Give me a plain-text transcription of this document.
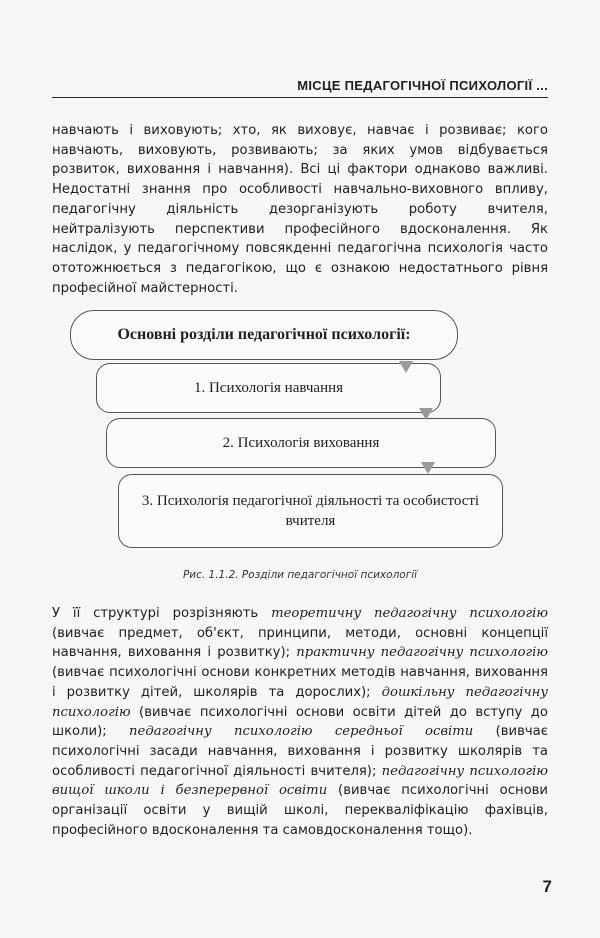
МІСЦЕ ПЕДАГОГІЧНОЇ ПСИХОЛОГІЇ ...

навчають і виховують; хто, як виховує, навчає і розвиває; кого навчають, виховують, розвивають; за яких умов відбувається розвиток, виховання і навчання). Всі ці фактори однаково важливі. Недостатні знання про особливості навчально-виховного впливу, педагогічну діяльність дезорганізують роботу вчителя, нейтралізують перспективи професійного вдосконалення. Як наслідок, у педагогічному повсякденні педагогічна психологія часто ототожнюється з педагогікою, що є ознакою недостатнього рівня професійної майстерності.

Основні розділи педагогічної психології:
1. Психологія навчання
2. Психологія виховання
3. Психологія педагогічної діяльності та особистості вчителя
Рис. 1.1.2. Розділи педагогічної психології

У її структурі розрізняють теоретичну педагогічну психологію (вивчає предмет, об'єкт, принципи, методи, основні концепції навчання, виховання і розвитку); практичну педагогічну психологію (вивчає психологічні основи конкретних методів навчання, виховання і розвитку дітей, школярів та дорослих); дошкільну педагогічну психологію (вивчає психологічні основи освіти дітей до вступу до школи); педагогічну психологію середньої освіти (вивчає психологічні засади навчання, виховання і розвитку школярів та особливості педагогічної діяльності вчителя); педагогічну психологію вищої школи і безперервної освіти (вивчає психологічні основи організації освіти у вищій школі, перекваліфікацію фахівців, професійного вдосконалення та самовдосконалення тощо).

7
